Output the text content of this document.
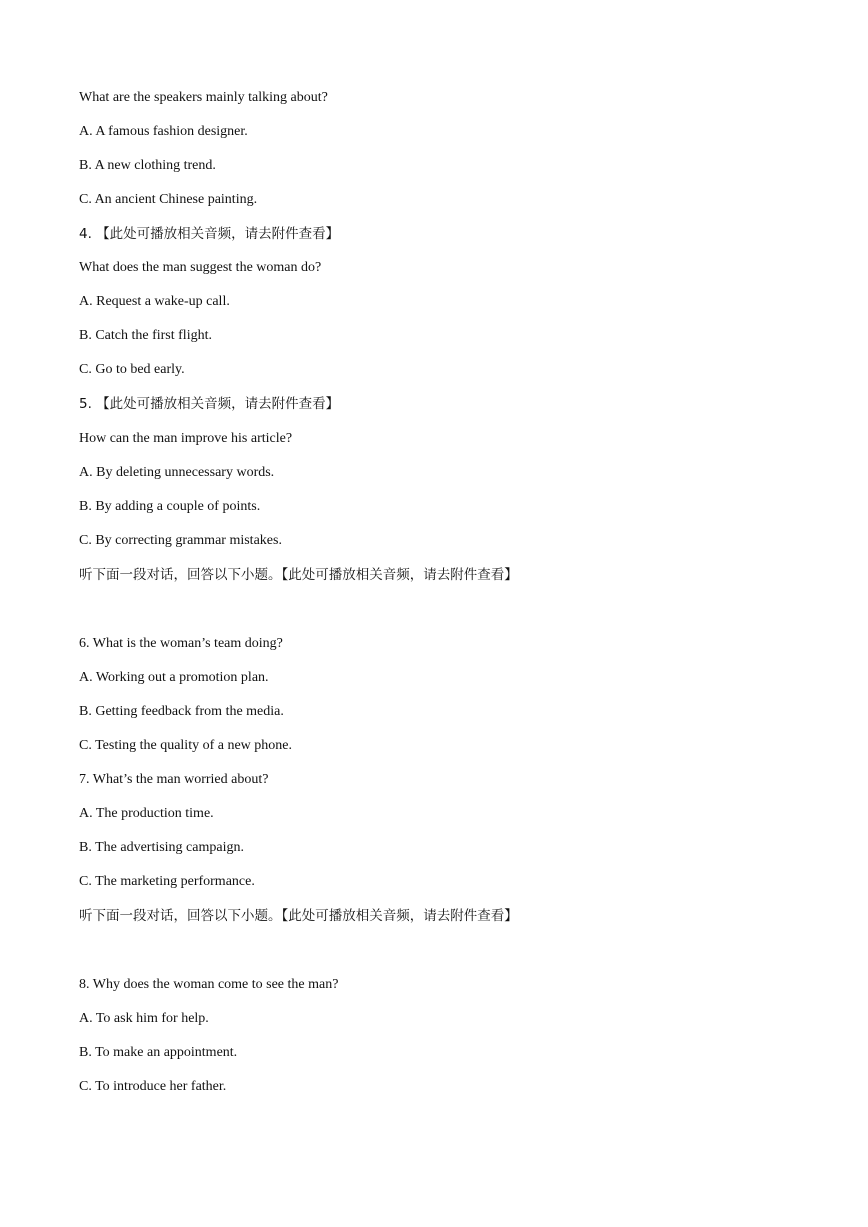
What are the speakers mainly talking about?
A. A famous fashion designer.
B. A new clothing trend.
C. An ancient Chinese painting.
4. 【此处可播放相关音频，请去附件查看】
What does the man suggest the woman do?
A. Request a wake-up call.
B. Catch the first flight.
C. Go to bed early.
5. 【此处可播放相关音频，请去附件查看】
How can the man improve his article?
A. By deleting unnecessary words.
B. By adding a couple of points.
C. By correcting grammar mistakes.
听下面一段对话，回答以下小题。【此处可播放相关音频，请去附件查看】
6. What is the woman’s team doing?
A. Working out a promotion plan.
B. Getting feedback from the media.
C. Testing the quality of a new phone.
7. What’s the man worried about?
A. The production time.
B. The advertising campaign.
C. The marketing performance.
听下面一段对话，回答以下小题。【此处可播放相关音频，请去附件查看】
8. Why does the woman come to see the man?
A. To ask him for help.
B. To make an appointment.
C. To introduce her father.
